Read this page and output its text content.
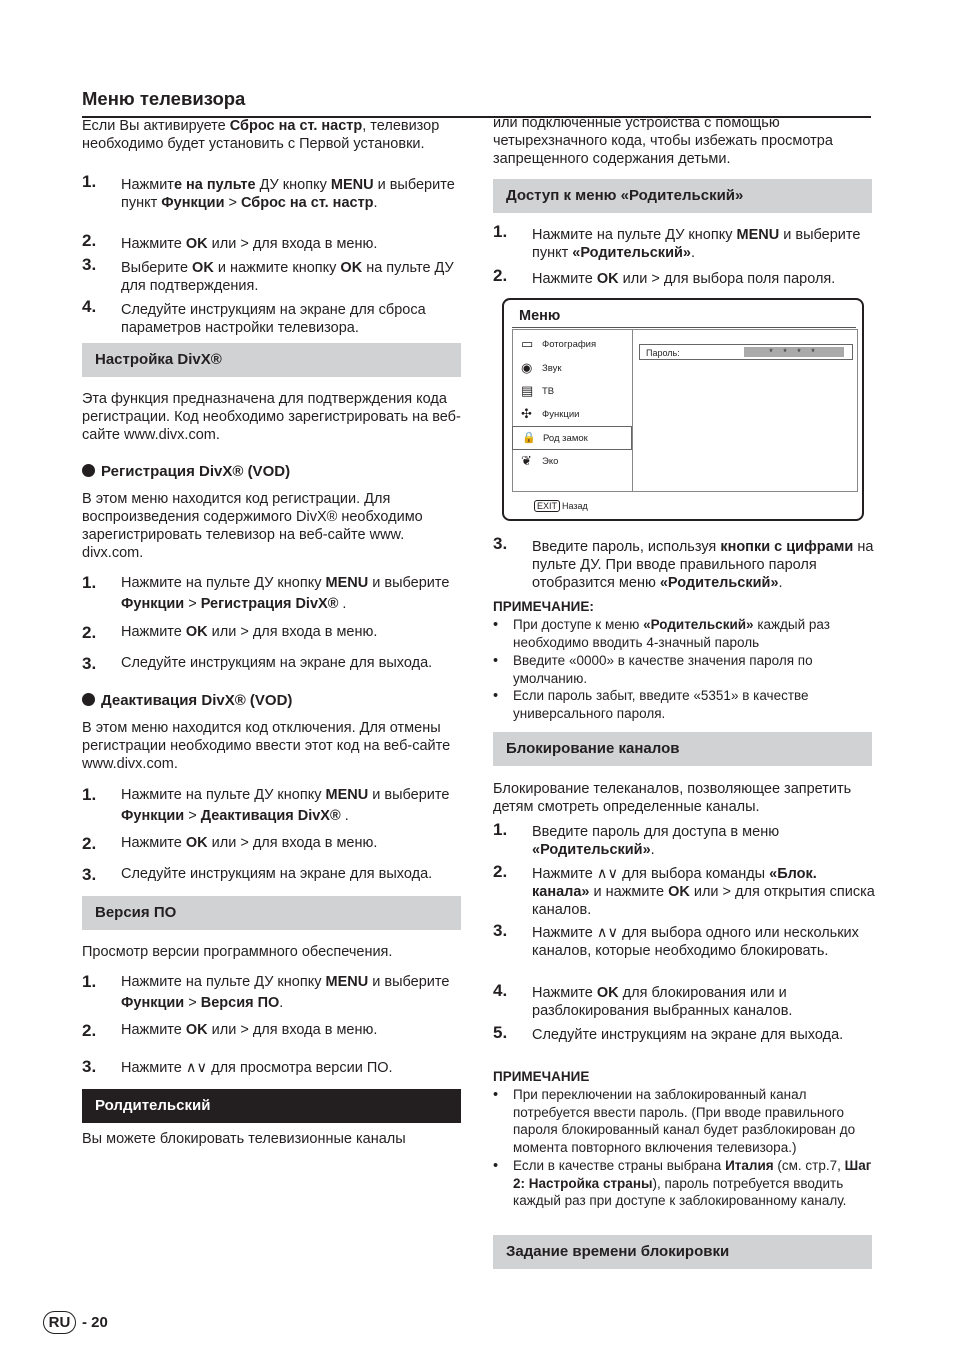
Меню телевизора

Если Вы активируете Сброс на ст. настр, телевизор необходимо будет установить с Первой установки.

1. Нажмите на пульте ДУ кнопку MENU и выберите пункт Функции > Сброс на ст. настр.
2. Нажмите OK или > для входа в меню.
3. Выберите OK и нажмите кнопку OK на пульте ДУ для подтверждения.
4. Следуйте инструкциям на экране для сброса параметров настройки телевизора.
Настройка DivX®

Эта функция предназначена для подтверждения кода регистрации. Код необходимо зарегистрировать на веб-сайте www.divx.com.

Регистрация DivX® (VOD)

В этом меню находится код регистрации. Для воспроизведения содержимого DivX® необходимо зарегистрировать телевизор на веб-сайте www. divx.com.

1. Нажмите на пульте ДУ кнопку MENU и выберите Функции > Регистрация DivX® .
2. Нажмите OK или > для входа в меню.
3. Следуйте инструкциям на экране для выхода.
Деактивация DivX® (VOD)

В этом меню находится код отключения. Для отмены регистрации необходимо ввести этот код на веб-сайте www.divx.com.

1. Нажмите на пульте ДУ кнопку MENU и выберите Функции > Деактивация DivX® .
2. Нажмите OK или > для входа в меню.
3. Следуйте инструкциям на экране для выхода.
Версия ПО

Просмотр версии программного обеспечения.

1. Нажмите на пульте ДУ кнопку MENU и выберите Функции > Версия ПО.
2. Нажмите OK или > для входа в меню.
3. Нажмите ∧∨ для просмотра версии ПО.
Ролдительский

Вы можете блокировать телевизионные каналы

или подключенные устройства с помощью четырехзначного кода, чтобы избежать просмотра запрещенного содержания детьми.

Доступ к меню «Родительский»
1. Нажмите на пульте ДУ кнопку MENU и выберите пункт «Родительский».
2. Нажмите OK или > для выбора поля пароля.
Меню
▭ Фотография
◉ Звук
▤ ТВ
✣ Функции
🔒 Род замок
❦ Эко
Пароль:	* * * *
EXIT Назад
3. Введите пароль, используя кнопки с цифрами на пульте ДУ. При вводе правильного пароля отобразится меню «Родительский».
ПРИМЕЧАНИЕ:
• При доступе к меню «Родительский» каждый раз необходимо вводить 4-значный пароль
• Введите «0000» в качестве значения пароля по умолчанию.
• Если пароль забыт, введите «5351» в качестве универсального пароля.
Блокирование каналов

Блокирование телеканалов, позволяющее запретить детям смотреть определенные каналы.

1. Введите пароль для доступа в меню «Родительский».
2. Нажмите ∧∨ для выбора команды «Блок. канала» и нажмите OK или > для открытия списка каналов.
3. Нажмите ∧∨ для выбора одного или нескольких каналов, которые необходимо блокировать.
4. Нажмите OK для блокирования или и разблокирования выбранных каналов.
5. Следуйте инструкциям на экране для выхода.
ПРИМЕЧАНИЕ
• При переключении на заблокированный канал потребуется ввести пароль. (При вводе правильного пароля блокированный канал будет разблокирован до момента повторного включения телевизора.)
• Если в качестве страны выбрана Италия (см. стр.7, Шаг 2: Настройка страны), пароль потребуется вводить каждый раз при доступе к заблокированному каналу.
Задание времени блокировки
RU - 20
